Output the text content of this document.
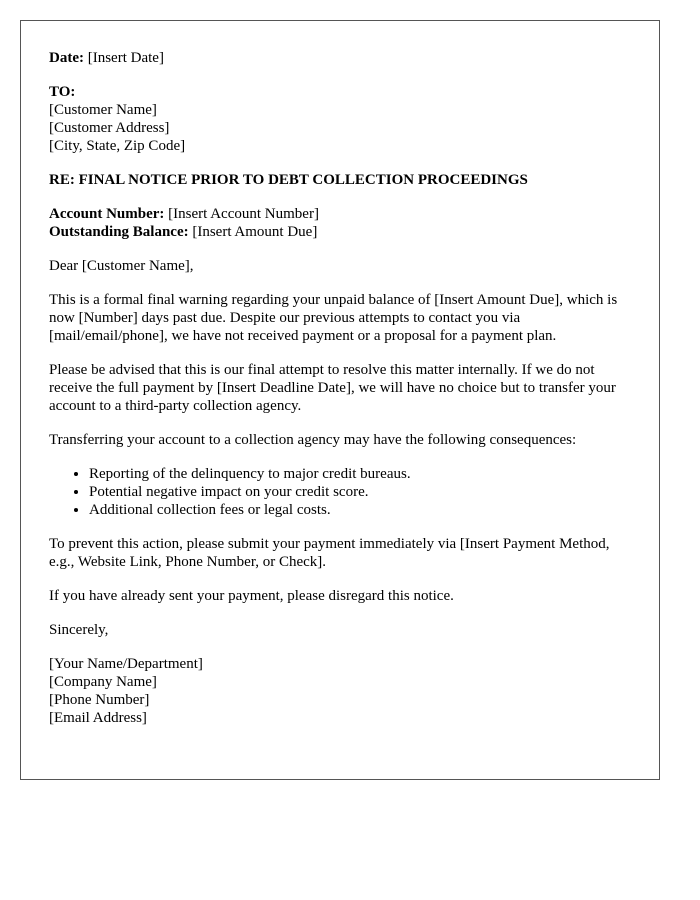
Date: [Insert Date]

TO:
[Customer Name]
[Customer Address]
[City, State, Zip Code]

RE: FINAL NOTICE PRIOR TO DEBT COLLECTION PROCEEDINGS

Account Number: [Insert Account Number]
Outstanding Balance: [Insert Amount Due]

Dear [Customer Name],

This is a formal final warning regarding your unpaid balance of [Insert Amount Due], which is now [Number] days past due. Despite our previous attempts to contact you via [mail/email/phone], we have not received payment or a proposal for a payment plan.

Please be advised that this is our final attempt to resolve this matter internally. If we do not receive the full payment by [Insert Deadline Date], we will have no choice but to transfer your account to a third-party collection agency.

Transferring your account to a collection agency may have the following consequences:

• Reporting of the delinquency to major credit bureaus.
• Potential negative impact on your credit score.
• Additional collection fees or legal costs.

To prevent this action, please submit your payment immediately via [Insert Payment Method, e.g., Website Link, Phone Number, or Check].

If you have already sent your payment, please disregard this notice.

Sincerely,

[Your Name/Department]
[Company Name]
[Phone Number]
[Email Address]
